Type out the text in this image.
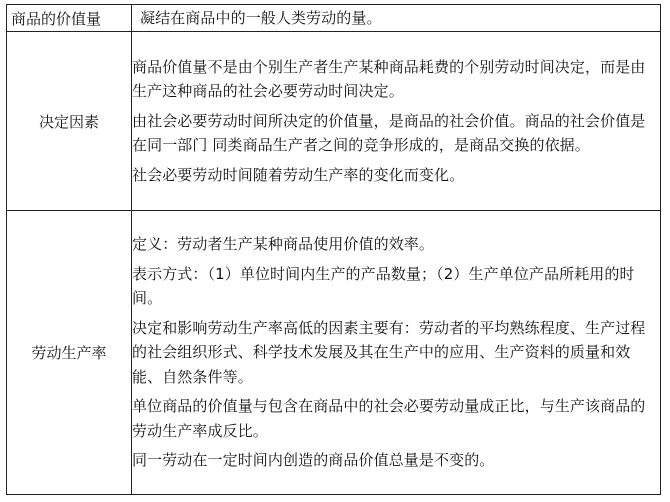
商品的价值量	凝结在商品中的一般人类劳动的量。

决定因素	商品价值量不是由个别生产者生产某种商品耗费的个别劳动时间决定，而是由生产这种商品的社会必要劳动时间决定。

由社会必要劳动时间所决定的价值量，是商品的社会价值。商品的社会价值是在同一部门 同类商品生产者之间的竞争形成的，是商品交换的依据。

社会必要劳动时间随着劳动生产率的变化而变化。

劳动生产率	定义：劳动者生产某种商品使用价值的效率。

表示方式：（1）单位时间内生产的产品数量；（2）生产单位产品所耗用的时间。

决定和影响劳动生产率高低的因素主要有：劳动者的平均熟练程度、生产过程的社会组织形式、科学技术发展及其在生产中的应用、生产资料的质量和效能、自然条件等。

单位商品的价值量与包含在商品中的社会必要劳动量成正比，与生产该商品的劳动生产率成反比。

同一劳动在一定时间内创造的商品价值总量是不变的。
